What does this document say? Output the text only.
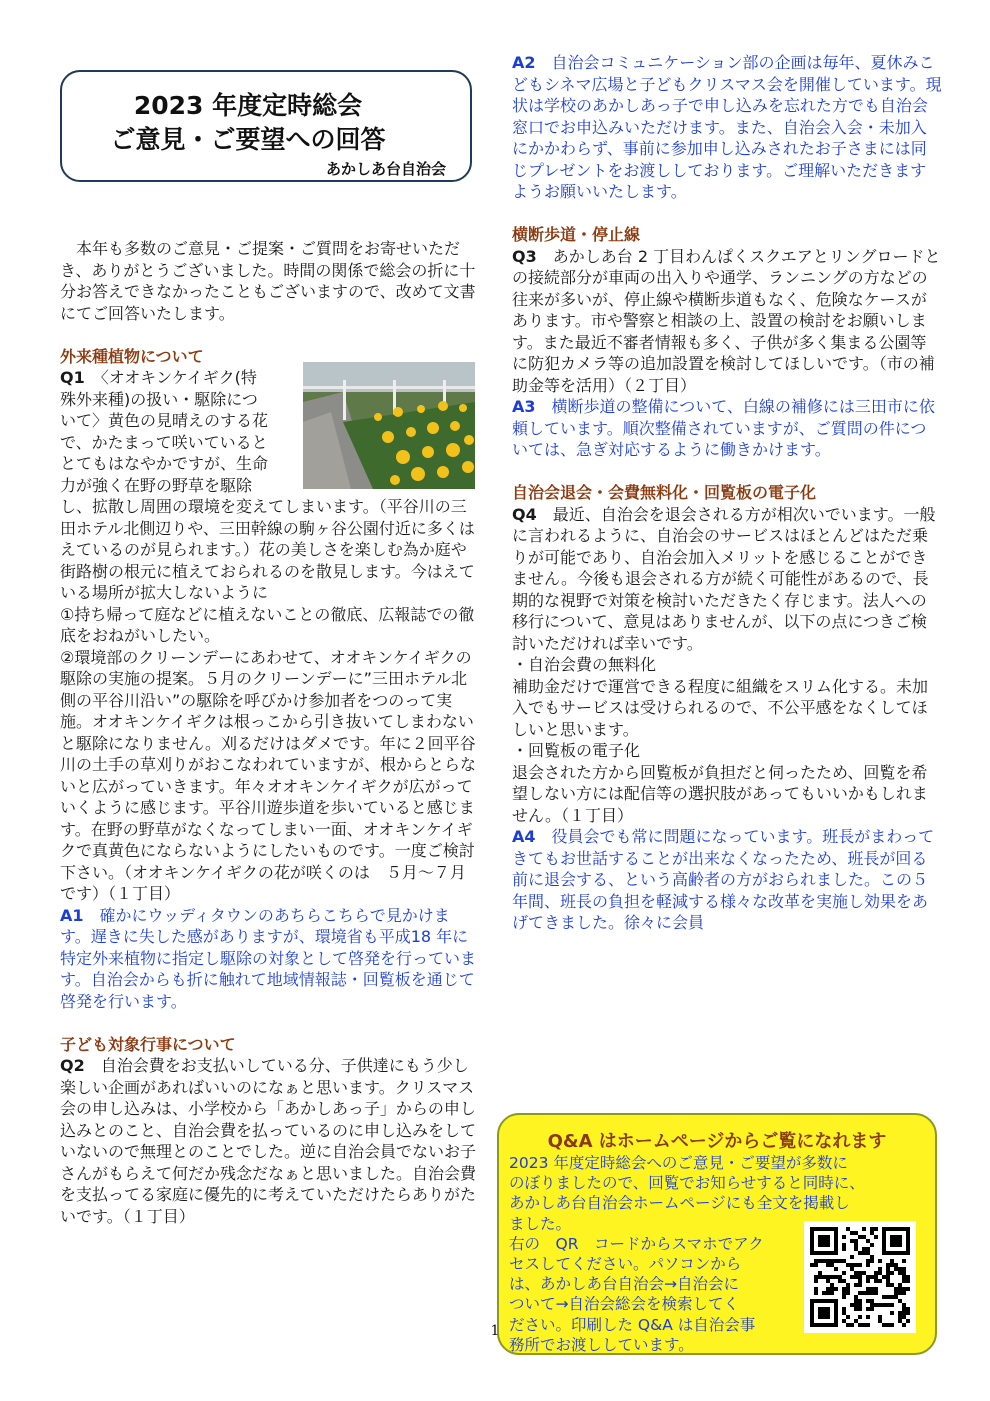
2023 年度定時総会
ご意見・ご要望への回答
あかしあ台自治会

　本年も多数のご意見・ご提案・ご質問をお寄せいただき、ありがとうございました。時間の関係で総会の折に十分お答えできなかったこともございますので、改めて文書にてご回答いたします。

外来種植物について

Q1　 〈オオキンケイギク(特
殊外来種)の扱い・駆除につ
いて〉黄色の見晴えのする花
で、かたまって咲いていると
とてもはなやかですが、生命
力が強く在野の野草を駆除

し、拡散し周囲の環境を変えてしまいます。（平谷川の三田ホテル北側辺りや、三田幹線の駒ヶ谷公園付近に多くはえているのが見られます。）花の美しさを楽しむ為か庭や街路樹の根元に植えておられるのを散見します。今はえている場所が拡大しないように

①持ち帰って庭などに植えないことの徹底、広報誌での徹底をおねがいしたい。

②環境部のクリーンデーにあわせて、オオキンケイギクの駆除の実施の提案。５月のクリーンデーに”三田ホテル北側の平谷川沿い”の駆除を呼びかけ参加者をつのって実施。オオキンケイギクは根っこから引き抜いてしまわないと駆除になりません。刈るだけはダメです。年に２回平谷川の土手の草刈りがおこなわれていますが、根からとらないと広がっていきます。年々オオキンケイギクが広がっていくように感じます。平谷川遊歩道を歩いていると感じます。在野の野草がなくなってしまい一面、オオキンケイギクで真黄色にならないようにしたいものです。一度ご検討下さい。（オオキンケイギクの花が咲くのは　５月〜７月です）（１丁目）

A1　確かにウッディタウンのあちらこちらで見かけます。遅きに失した感がありますが、環境省も平成18 年に特定外来植物に指定し駆除の対象として啓発を行っています。自治会からも折に触れて地域情報誌・回覧板を通じて啓発を行います。

子ども対象行事について

Q2　自治会費をお支払いしている分、子供達にもう少し楽しい企画があればいいのになぁと思います。クリスマス会の申し込みは、小学校から「あかしあっ子」からの申し込みとのこと、自治会費を払っているのに申し込みをしていないので無理とのことでした。逆に自治会員でないお子さんがもらえて何だか残念だなぁと思いました。自治会費を支払ってる家庭に優先的に考えていただけたらありがたいです。（１丁目）

A2　自治会コミュニケーション部の企画は毎年、夏休みこどもシネマ広場と子どもクリスマス会を開催しています。現状は学校のあかしあっ子で申し込みを忘れた方でも自治会窓口でお申込みいただけます。また、自治会入会・未加入にかかわらず、事前に参加申し込みされたお子さまには同じプレゼントをお渡ししております。ご理解いただきますようお願いいたします。

横断歩道・停止線

Q3　あかしあ台 2 丁目わんぱくスクエアとリングロードとの接続部分が車両の出入りや通学、ランニングの方などの往来が多いが、停止線や横断歩道もなく、危険なケースがあります。市や警察と相談の上、設置の検討をお願いします。また最近不審者情報も多く、子供が多く集まる公園等に防犯カメラ等の追加設置を検討してほしいです。（市の補助金等を活用）（２丁目）

A3　横断歩道の整備について、白線の補修には三田市に依頼しています。順次整備されていますが、ご質問の件については、急ぎ対応するように働きかけます。

自治会退会・会費無料化・回覧板の電子化

Q4　最近、自治会を退会される方が相次いでいます。一般に言われるように、自治会のサービスはほとんどはただ乗りが可能であり、自治会加入メリットを感じることができません。今後も退会される方が続く可能性があるので、長期的な視野で対策を検討いただきたく存じます。法人への移行について、意見はありませんが、以下の点につきご検討いただければ幸いです。

・自治会費の無料化

補助金だけで運営できる程度に組織をスリム化する。未加入でもサービスは受けられるので、不公平感をなくしてほしいと思います。

・回覧板の電子化

退会された方から回覧板が負担だと伺ったため、回覧を希望しない方には配信等の選択肢があってもいいかもしれません。（１丁目）

A4　役員会でも常に問題になっています。班長がまわってきてもお世話することが出来なくなったため、班長が回る前に退会する、という高齢者の方がおられました。この５年間、班長の負担を軽減する様々な改革を実施し効果をあげてきました。徐々に会員

Q&A はホームページからご覧になれます
2023 年度定時総会へのご意見・ご要望が多数に
のぼりましたので、回覧でお知らせすると同時に、
あかしあ台自治会ホームページにも全文を掲載し
ました。
右の　QR　コードからスマホでアク
セスしてください。パソコンから
は、あかしあ台自治会→自治会に
ついて→自治会総会を検索してく
ださい。印刷した Q&A は自治会事
務所でお渡ししています。
1
